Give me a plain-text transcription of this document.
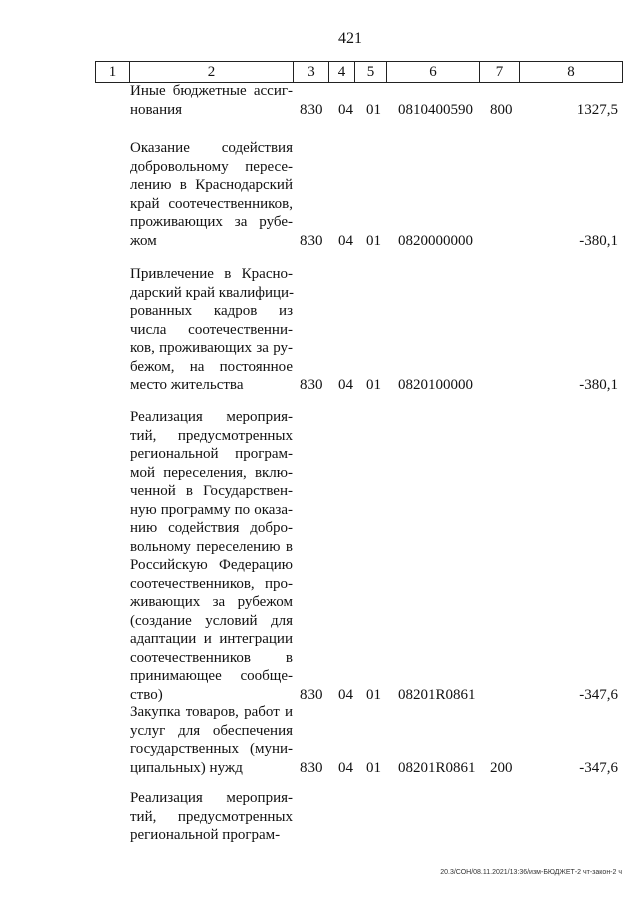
421
1	2	3	4	5	6	7	8
Иные бюджетные ассиг-
нования	830 04 01 0810400590 800	1327,5
Оказание содействия
добровольному пересе-
лению в Краснодарский
край соотечественников,
проживающих за рубе-
жом	830 04 01 0820000000	-380,1
Привлечение в Красно-
дарский край квалифици-
рованных кадров из
числа соотечественни-
ков, проживающих за ру-
бежом, на постоянное
место жительства	830 04 01 0820100000	-380,1
Реализация мероприя-
тий, предусмотренных
региональной програм-
мой переселения, вклю-
ченной в Государствен-
ную программу по оказа-
нию содействия добро-
вольному переселению в
Российскую Федерацию
соотечественников, про-
живающих за рубежом
(создание условий для
адаптации и интеграции
соотечественников в
принимающее сообще-
ство)	830 04 01 08201R0861	-347,6
Закупка товаров, работ и
услуг для обеспечения
государственных (муни-
ципальных) нужд	830 04 01 08201R0861 200	-347,6
Реализация мероприя-
тий, предусмотренных
региональной програм-
20.3/СОН/08.11.2021/13:36/изм-БЮДЖЕТ-2 чт-закон-2 ч
